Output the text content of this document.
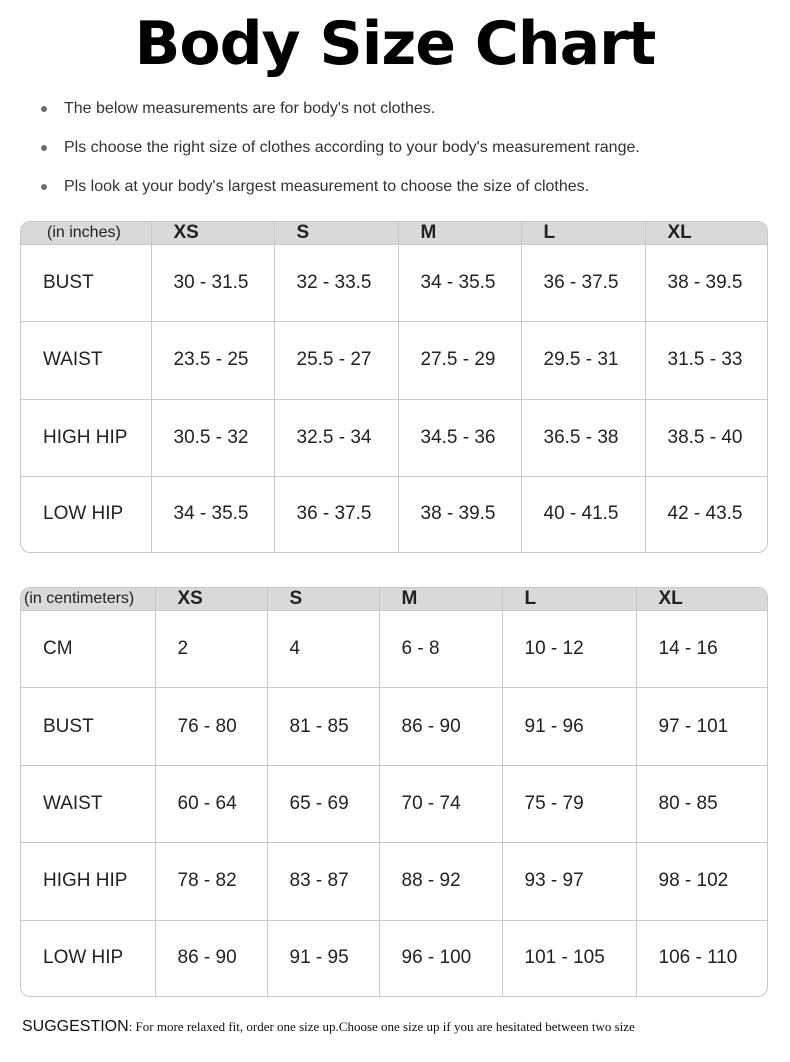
Body Size Chart
The below measurements are for body's not clothes.
Pls choose the right size of clothes according to your body's measurement range.
Pls look at your body's largest measurement to choose the size of clothes.
(in inches)	XS	S	M	L	XL
BUST	30 - 31.5	32 - 33.5	34 - 35.5	36 - 37.5	38 - 39.5
WAIST	23.5 - 25	25.5 - 27	27.5 - 29	29.5 - 31	31.5 - 33
HIGH HIP	30.5 - 32	32.5 - 34	34.5 - 36	36.5 - 38	38.5 - 40
LOW HIP	34 - 35.5	36 - 37.5	38 - 39.5	40 - 41.5	42 - 43.5
(in centimeters)	XS	S	M	L	XL
CM	2	4	6 - 8	10 - 12	14 - 16
BUST	76 - 80	81 - 85	86 - 90	91 - 96	97 - 101
WAIST	60 - 64	65 - 69	70 - 74	75 - 79	80 - 85
HIGH HIP	78 - 82	83 - 87	88 - 92	93 - 97	98 - 102
LOW HIP	86 - 90	91 - 95	96 - 100	101 - 105	106 - 110
SUGGESTION: For more relaxed fit, order one size up.Choose one size up if you are hesitated between two size
